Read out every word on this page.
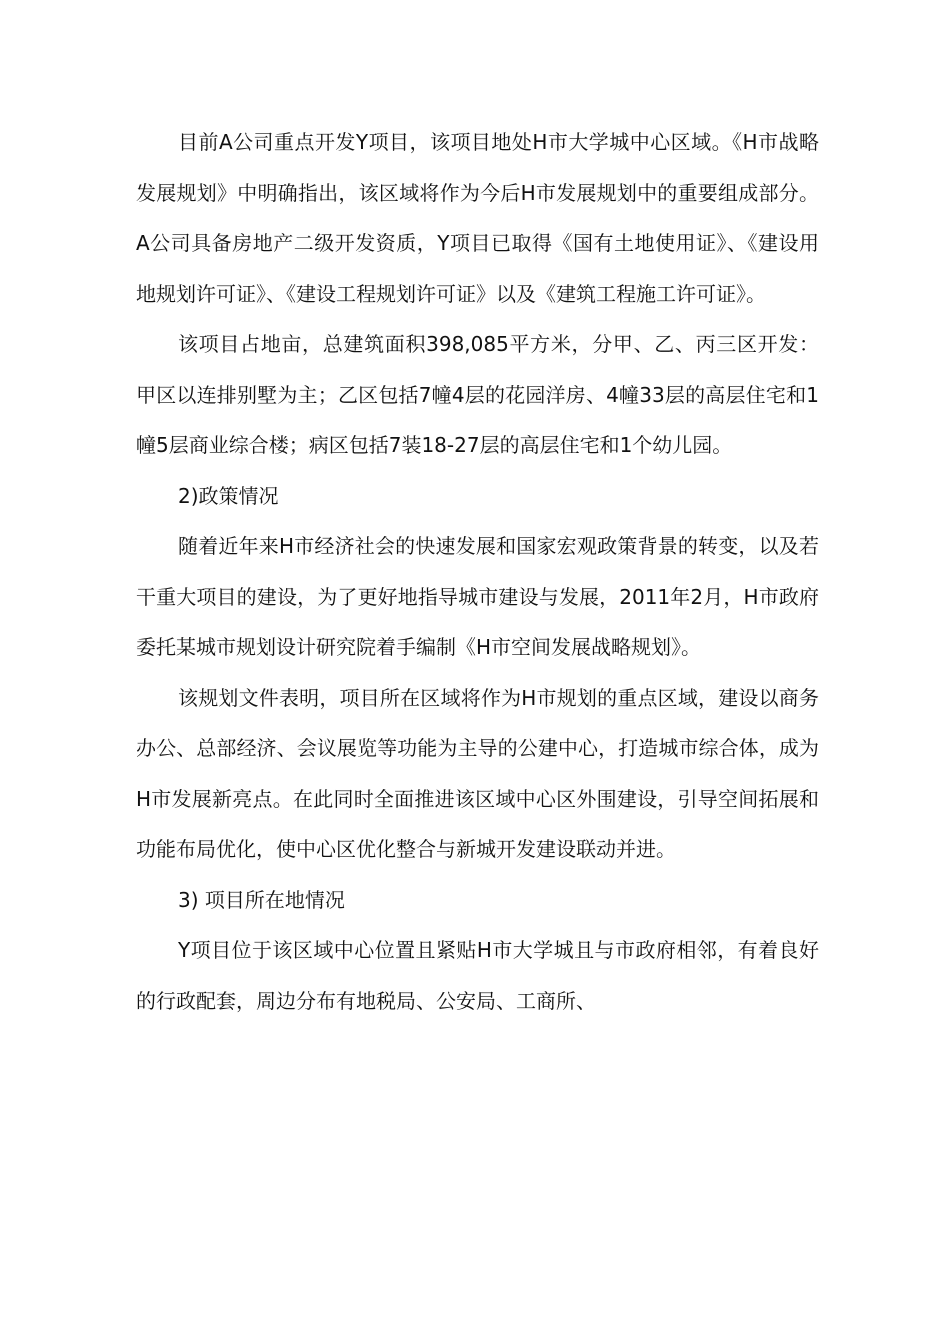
目前A公司重点开发Y项目，该项目地处H市大学城中心区域。《H市战略发展规划》中明确指出，该区域将作为今后H市发展规划中的重要组成部分。A公司具备房地产二级开发资质，Y项目已取得《国有土地使用证》、《建设用地规划许可证》、《建设工程规划许可证》以及《建筑工程施工许可证》。

该项目占地亩，总建筑面积398,085平方米，分甲、乙、丙三区开发：甲区以连排别墅为主；乙区包括7幢4层的花园洋房、4幢33层的高层住宅和1幢5层商业综合楼；病区包括7装18-27层的高层住宅和1个幼儿园。

2)政策情况

随着近年来H市经济社会的快速发展和国家宏观政策背景的转变，以及若干重大项目的建设，为了更好地指导城市建设与发展，2011年2月，H市政府委托某城市规划设计研究院着手编制《H市空间发展战略规划》。

该规划文件表明，项目所在区域将作为H市规划的重点区域，建设以商务办公、总部经济、会议展览等功能为主导的公建中心，打造城市综合体，成为H市发展新亮点。在此同时全面推进该区域中心区外围建设，引导空间拓展和功能布局优化，使中心区优化整合与新城开发建设联动并进。

3) 项目所在地情况

Y项目位于该区域中心位置且紧贴H市大学城且与市政府相邻，有着良好的行政配套，周边分布有地税局、公安局、工商所、
